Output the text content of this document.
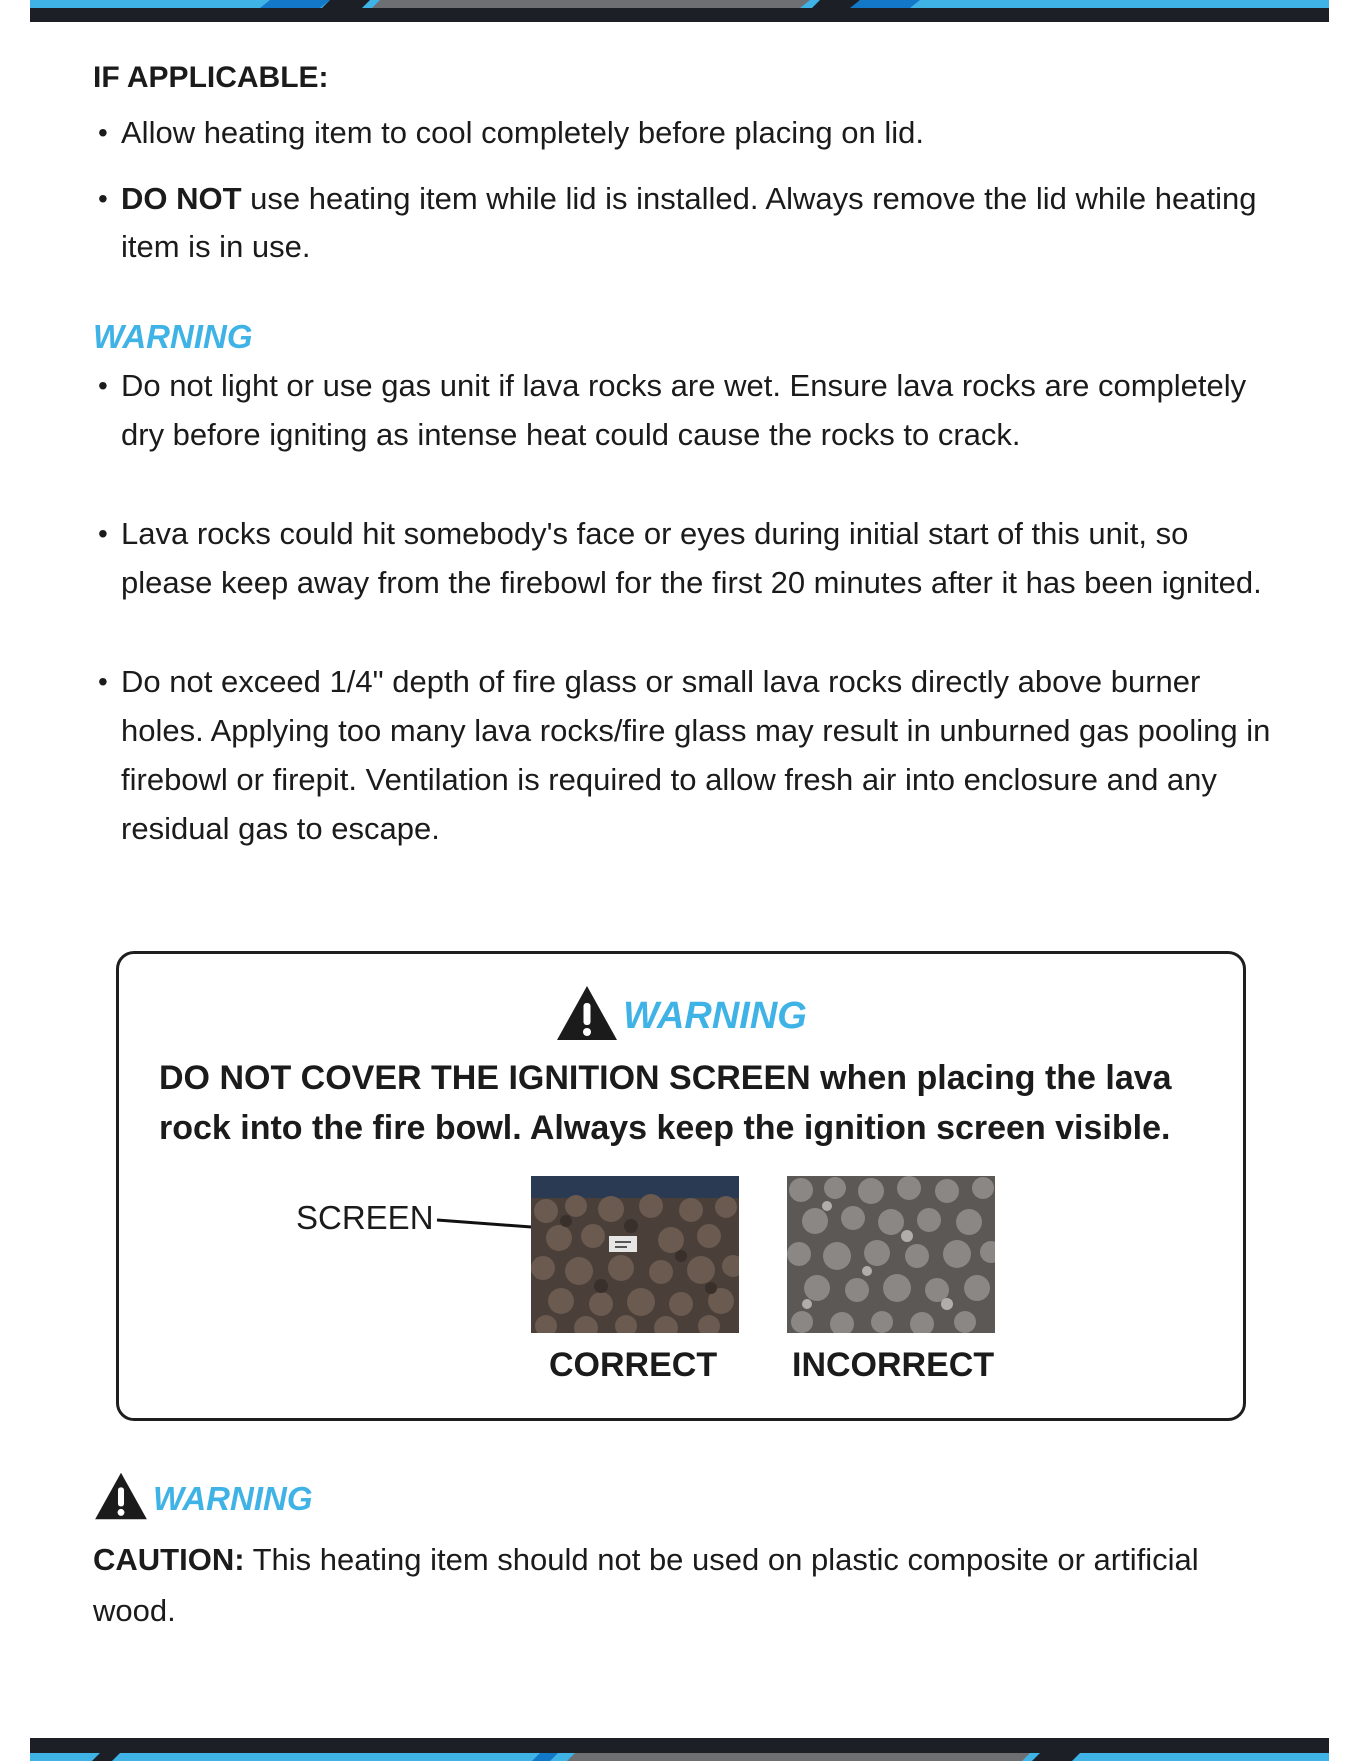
IF APPLICABLE:

• Allow heating item to cool completely before placing on lid.
• DO NOT use heating item while lid is installed. Always remove the lid while heating item is in use.
WARNING
• Do not light or use gas unit if lava rocks are wet. Ensure lava rocks are completely dry before igniting as intense heat could cause the rocks to crack.
• Lava rocks could hit somebody's face or eyes during initial start of this unit, so please keep away from the firebowl for the first 20 minutes after it has been ignited.
• Do not exceed 1/4" depth of fire glass or small lava rocks directly above burner holes. Applying too many lava rocks/fire glass may result in unburned gas pooling in firebowl or firepit. Ventilation is required to allow fresh air into enclosure and any residual gas to escape.
WARNING
DO NOT COVER THE IGNITION SCREEN when placing the lava rock into the fire bowl. Always keep the ignition screen visible.
SCREEN
CORRECT INCORRECT
WARNING
CAUTION: This heating item should not be used on plastic composite or artificial wood.
